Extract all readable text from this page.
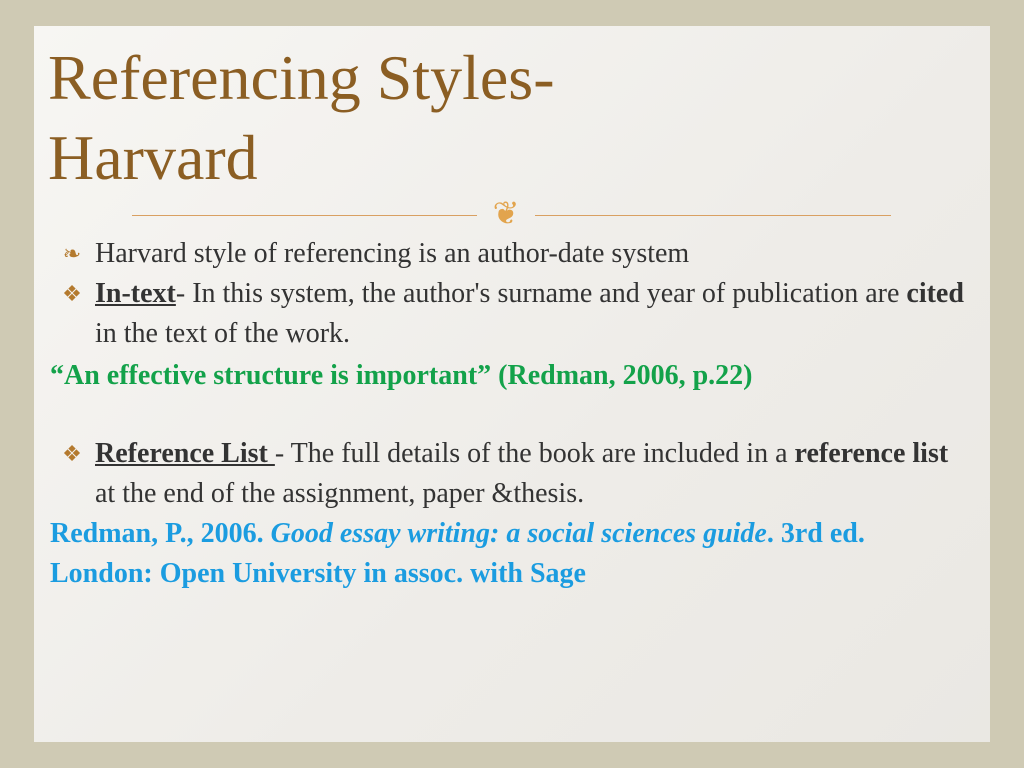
Referencing Styles-
Harvard
❦
❧ Harvard style of referencing is an author-date system
❖ In-text- In this system, the author's surname and year of publication are cited in the text of the work.
“An effective structure is important” (Redman, 2006, p.22)
❖ Reference List - The full details of the book are included in a reference list at the end of the assignment, paper &thesis.
Redman, P., 2006. Good essay writing: a social sciences guide. 3rd ed. London: Open University in assoc. with Sage
